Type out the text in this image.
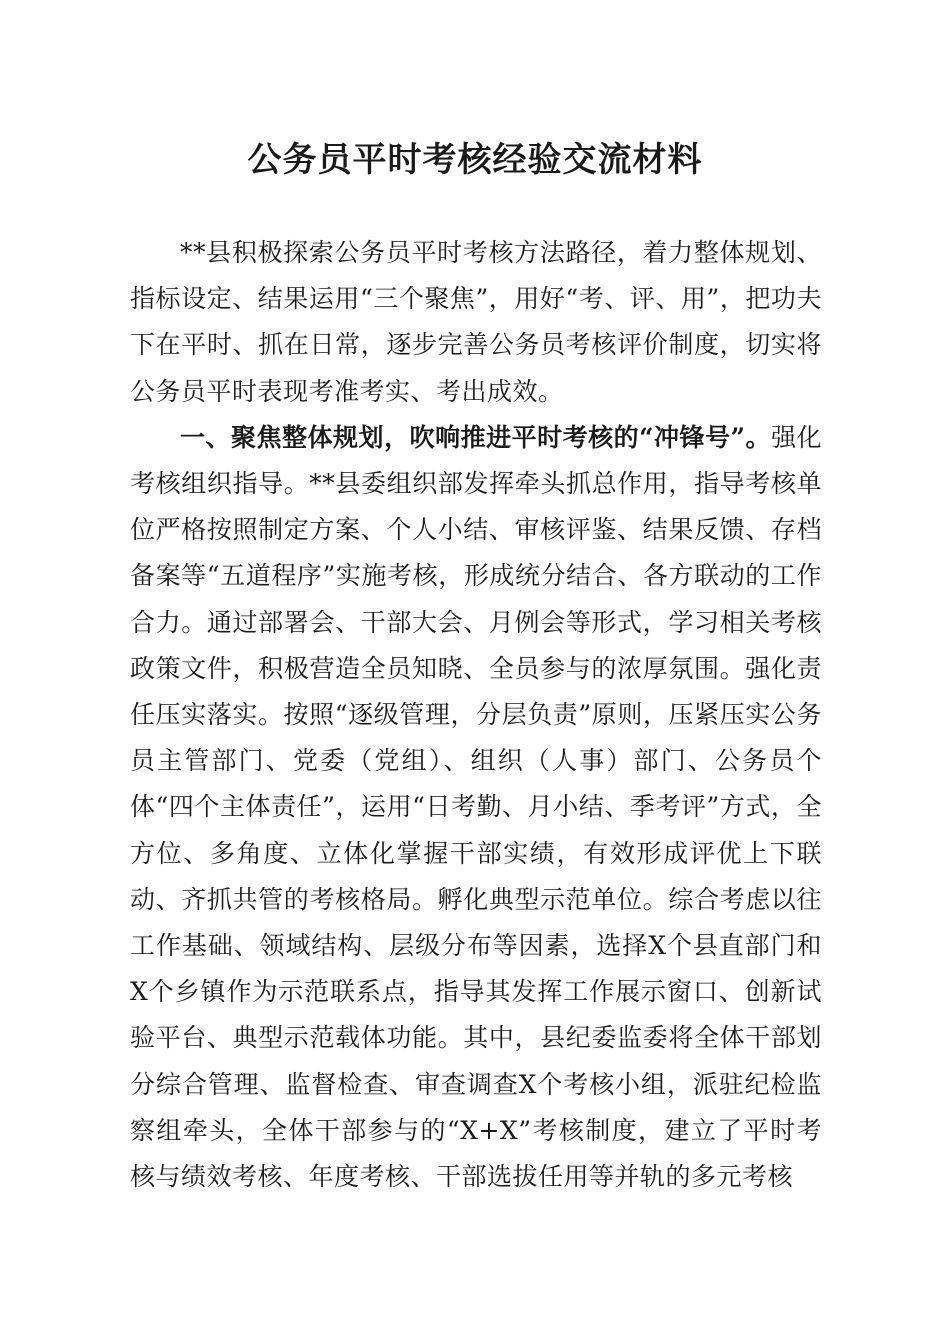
公务员平时考核经验交流材料

**县积极探索公务员平时考核方法路径，着力整体规划、指标设定、结果运用“三个聚焦”，用好“考、评、用”，把功夫下在平时、抓在日常，逐步完善公务员考核评价制度，切实将公务员平时表现考准考实、考出成效。

一、聚焦整体规划，吹响推进平时考核的“冲锋号”。强化考核组织指导。**县委组织部发挥牵头抓总作用，指导考核单位严格按照制定方案、个人小结、审核评鉴、结果反馈、存档备案等“五道程序”实施考核，形成统分结合、各方联动的工作合力。通过部署会、干部大会、月例会等形式，学习相关考核政策文件，积极营造全员知晓、全员参与的浓厚氛围。强化责任压实落实。按照“逐级管理，分层负责”原则，压紧压实公务员主管部门、党委（党组）、组织（人事）部门、公务员个体“四个主体责任”，运用“日考勤、月小结、季考评”方式，全方位、多角度、立体化掌握干部实绩，有效形成评优上下联动、齐抓共管的考核格局。孵化典型示范单位。综合考虑以往工作基础、领域结构、层级分布等因素，选择X个县直部门和X个乡镇作为示范联系点，指导其发挥工作展示窗口、创新试验平台、典型示范载体功能。其中，县纪委监委将全体干部划分综合管理、监督检查、审查调查X个考核小组，派驻纪检监察组牵头，全体干部参与的“X+X”考核制度，建立了平时考核与绩效考核、年度考核、干部选拔任用等并轨的多元考核
